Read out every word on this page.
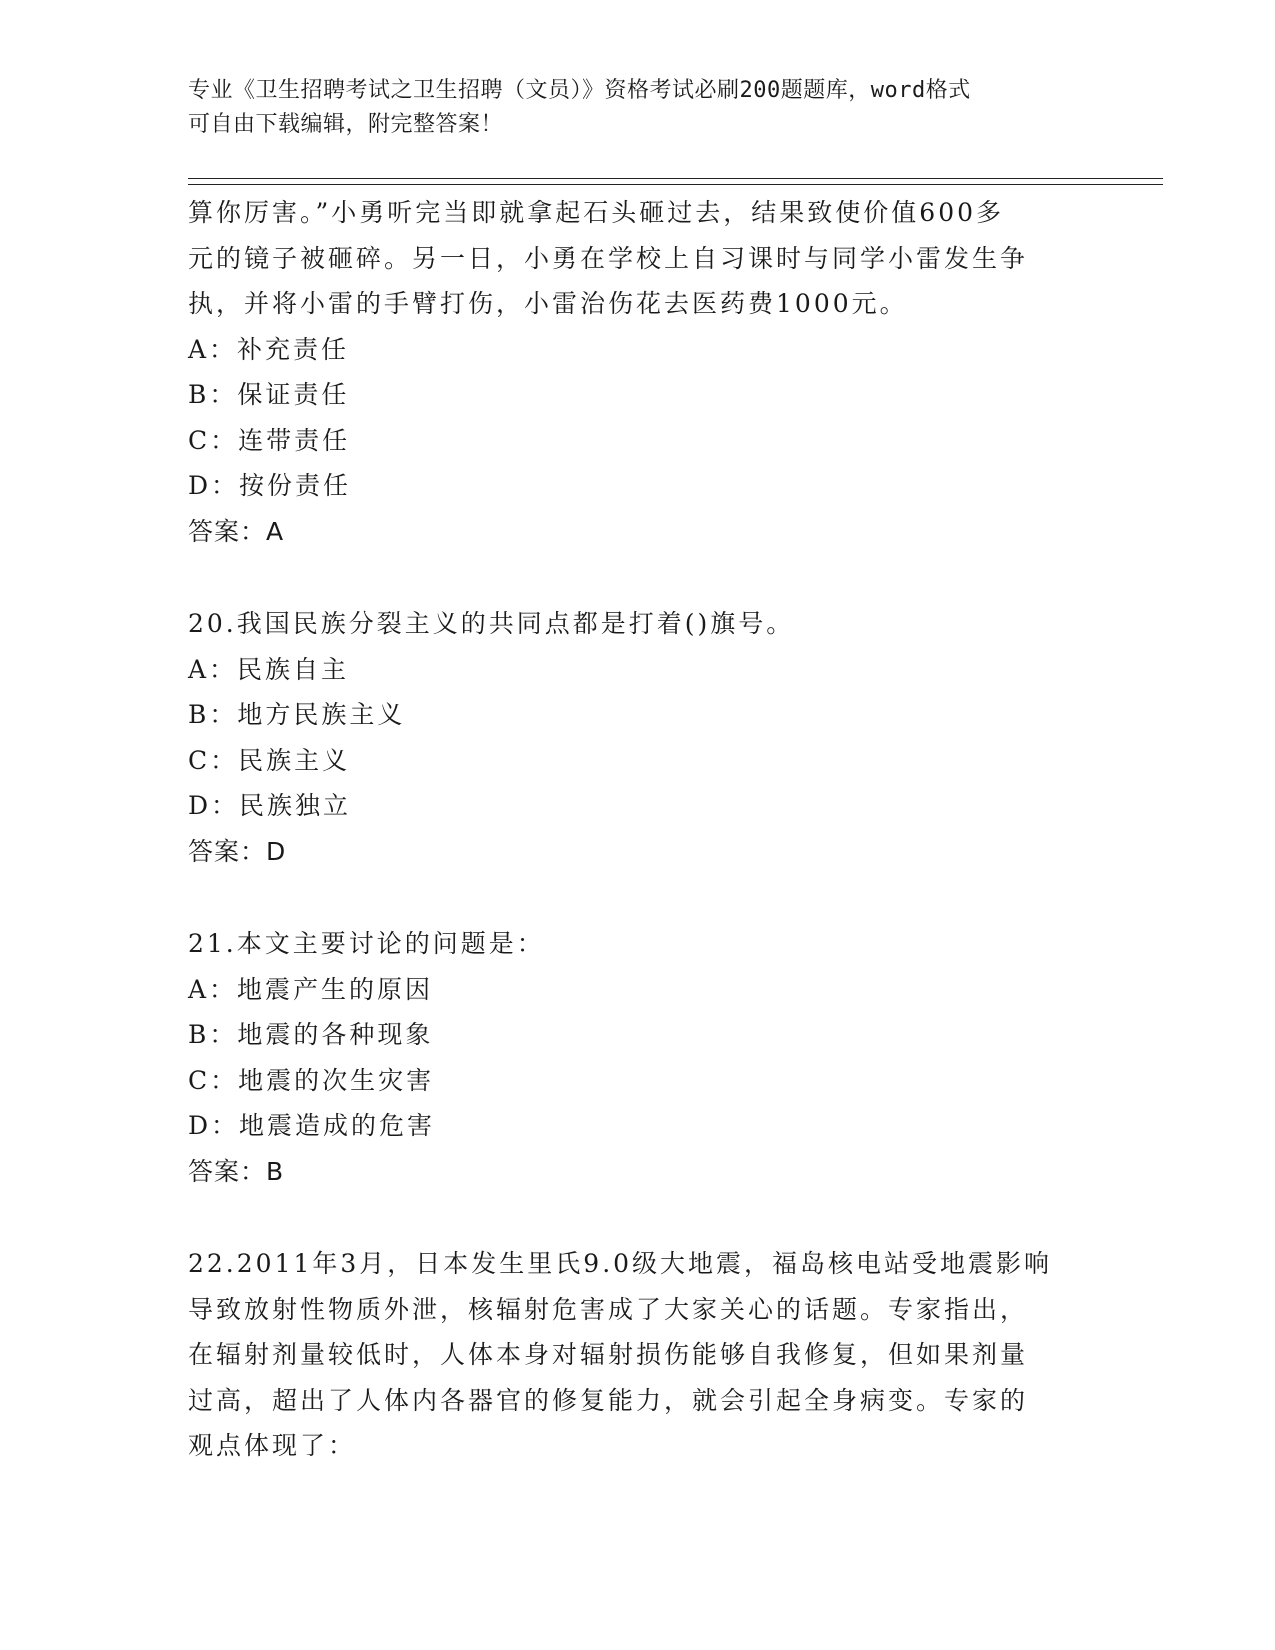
专业《卫生招聘考试之卫生招聘（文员）》资格考试必刷200题题库，word格式
可自由下载编辑，附完整答案！
算你厉害。”小勇听完当即就拿起石头砸过去，结果致使价值600多
元的镜子被砸碎。另一日，小勇在学校上自习课时与同学小雷发生争
执，并将小雷的手臂打伤，小雷治伤花去医药费1000元。
A：补充责任
B：保证责任
C：连带责任
D：按份责任
答案：A
20.我国民族分裂主义的共同点都是打着()旗号。
A：民族自主
B：地方民族主义
C：民族主义
D：民族独立
答案：D
21.本文主要讨论的问题是：
A：地震产生的原因
B：地震的各种现象
C：地震的次生灾害
D：地震造成的危害
答案：B
22.2011年3月，日本发生里氏9.0级大地震，福岛核电站受地震影响
导致放射性物质外泄，核辐射危害成了大家关心的话题。专家指出，
在辐射剂量较低时，人体本身对辐射损伤能够自我修复，但如果剂量
过高，超出了人体内各器官的修复能力，就会引起全身病变。专家的
观点体现了：
